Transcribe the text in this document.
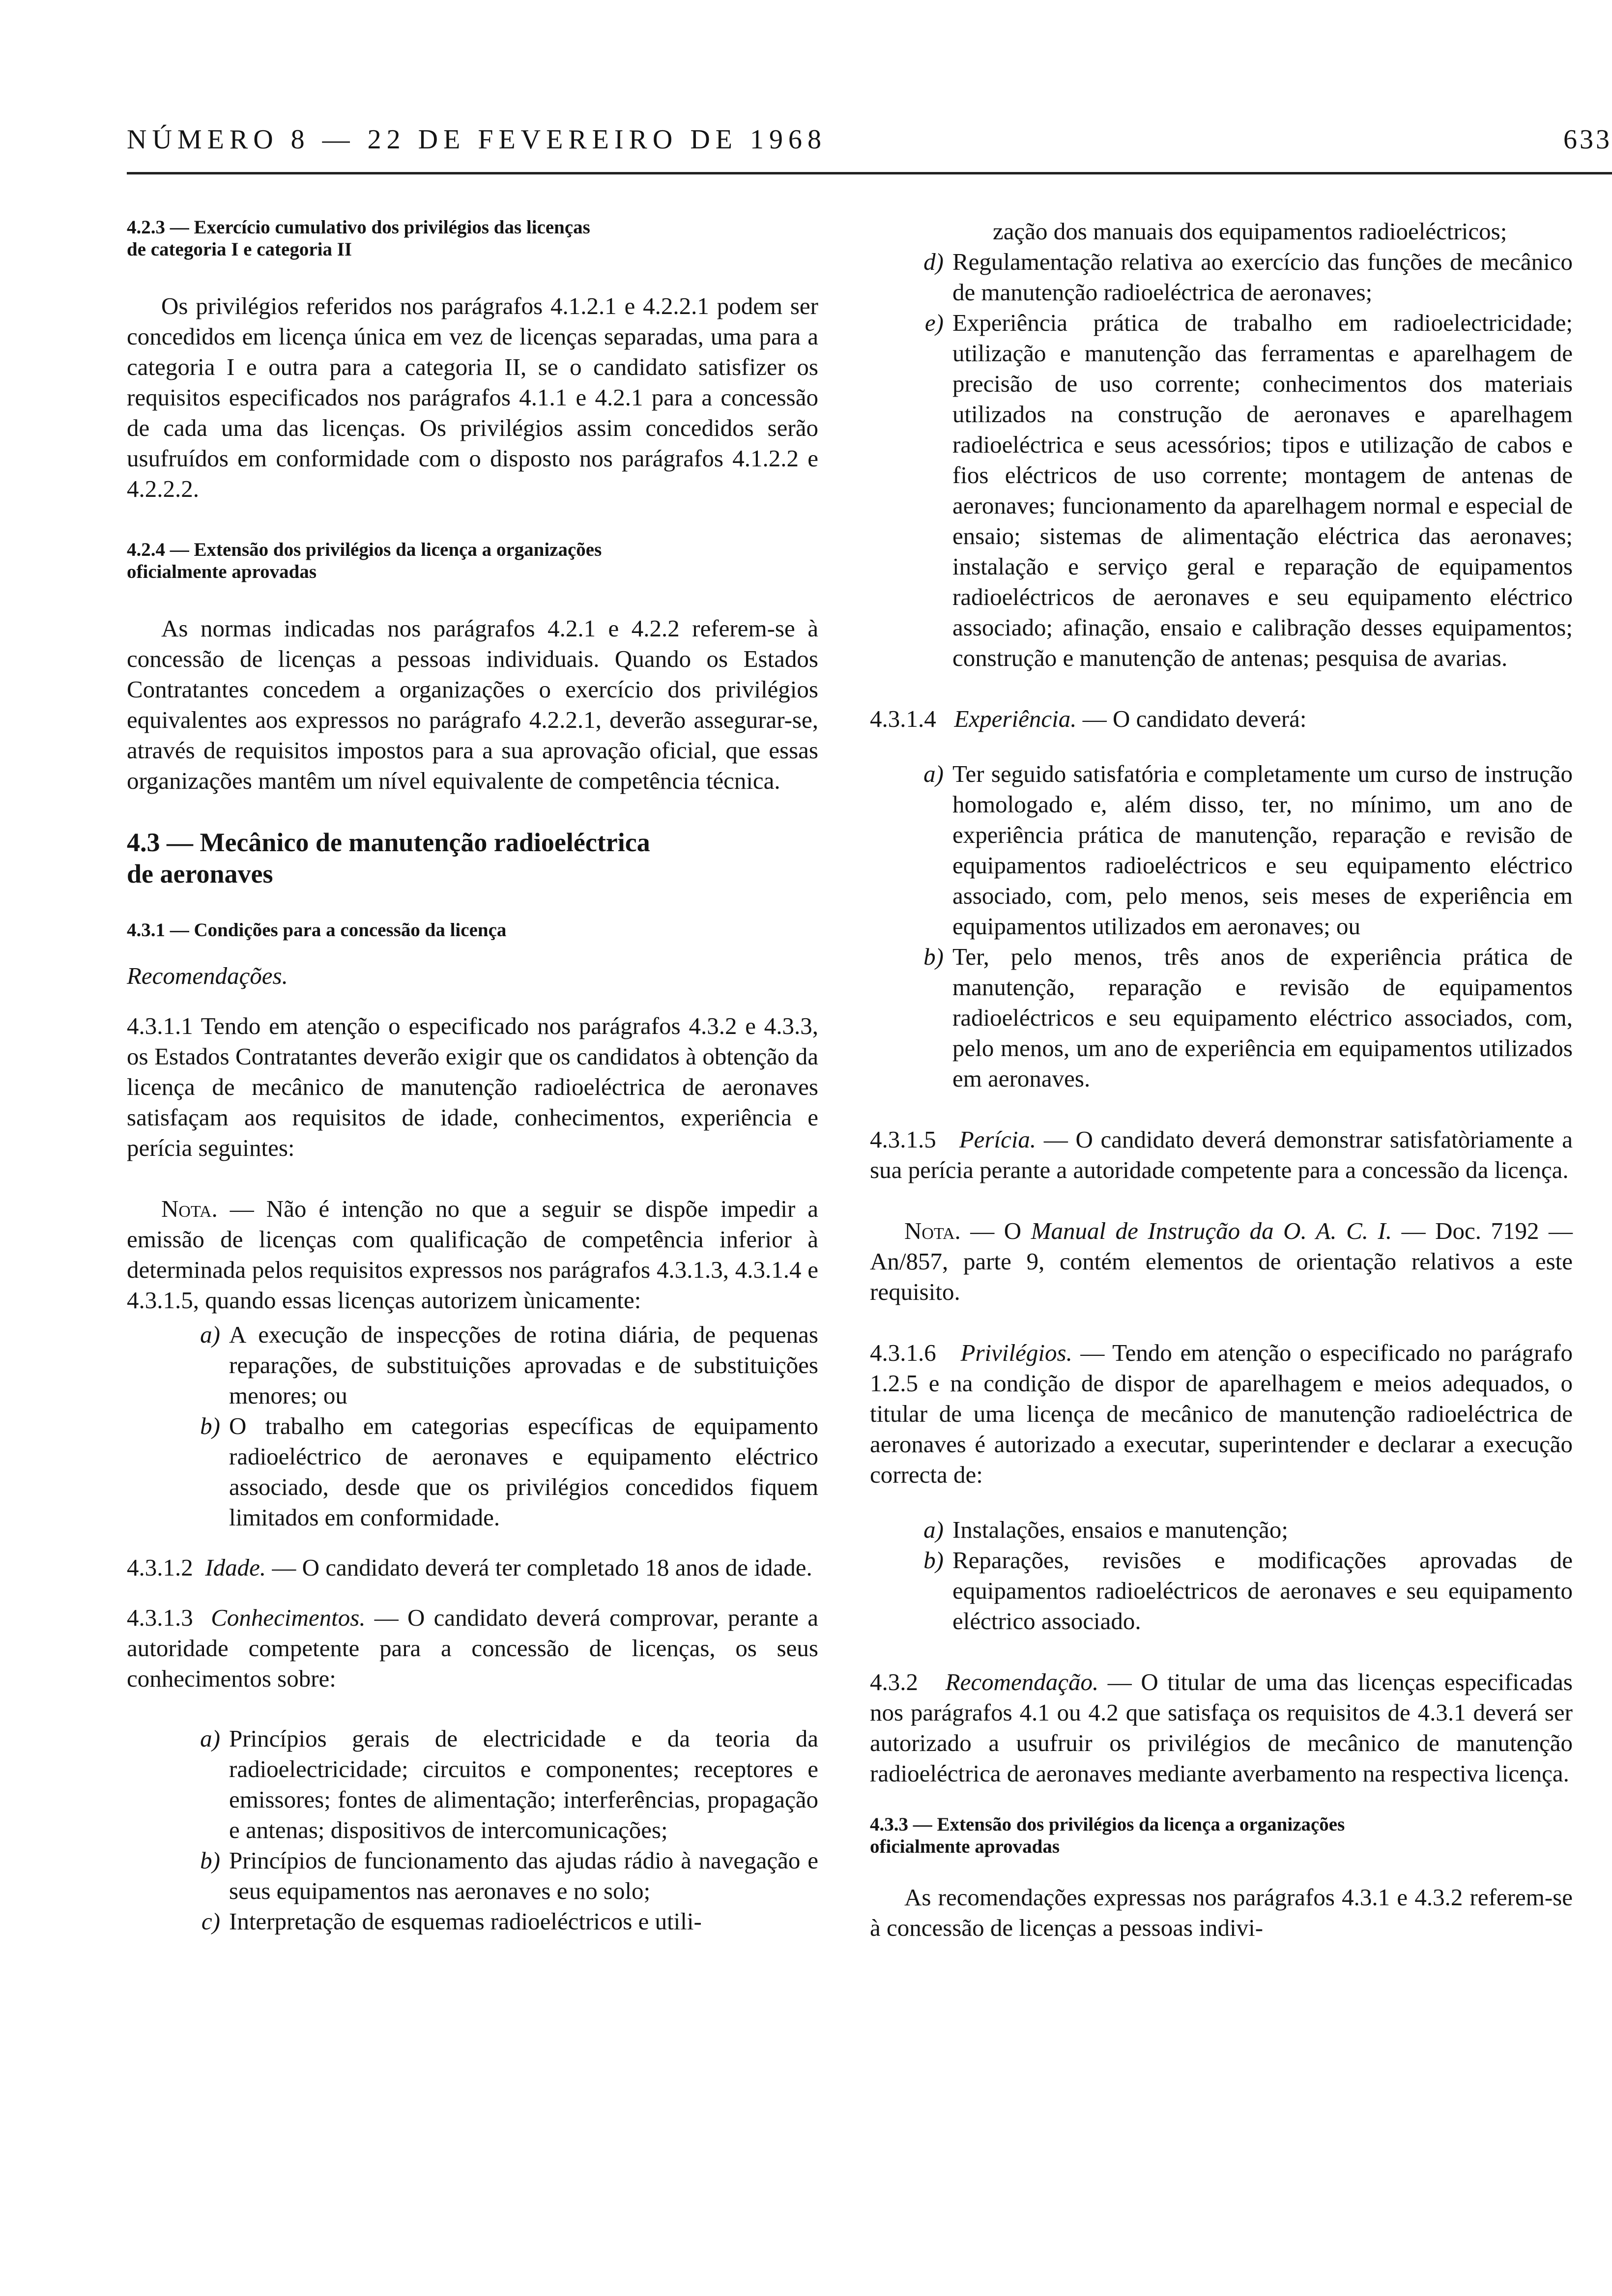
NÚMERO 8 — 22 DE FEVEREIRO DE 1968	633

4.2.3 — Exercício cumulativo dos privilégios das licenças

de categoria I e categoria II

Os privilégios referidos nos parágrafos 4.1.2.1 e 4.2.2.1 podem ser concedidos em licença única em vez de licenças separadas, uma para a categoria I e outra para a categoria II, se o candidato satisfizer os requisitos especificados nos parágrafos 4.1.1 e 4.2.1 para a concessão de cada uma das licenças. Os privilégios assim concedidos serão usufruídos em conformidade com o disposto nos parágrafos 4.1.2.2 e 4.2.2.2.

4.2.4 — Extensão dos privilégios da licença a organizações

oficialmente aprovadas

As normas indicadas nos parágrafos 4.2.1 e 4.2.2 referem-se à concessão de licenças a pessoas individuais. Quando os Estados Contratantes concedem a organizações o exercício dos privilégios equivalentes aos expressos no parágrafo 4.2.2.1, deverão assegurar-se, através de requisitos impostos para a sua aprovação oficial, que essas organizações mantêm um nível equivalente de competência técnica.

4.3 — Mecânico de manutenção radioeléctrica

de aeronaves

4.3.1 — Condições para a concessão da licença

Recomendações.

4.3.1.1 Tendo em atenção o especificado nos parágrafos 4.3.2 e 4.3.3, os Estados Contratantes deverão exigir que os candidatos à obtenção da licença de mecânico de manutenção radioeléctrica de aeronaves satisfaçam aos requisitos de idade, conhecimentos, experiência e perícia seguintes:

Nota. — Não é intenção no que a seguir se dispõe impedir a emissão de licenças com qualificação de competência inferior à determinada pelos requisitos expressos nos parágrafos 4.3.1.3, 4.3.1.4 e 4.3.1.5, quando essas licenças autorizem ùnicamente:

a) A execução de inspecções de rotina diária, de pequenas reparações, de substituições aprovadas e de substituições menores; ou
b) O trabalho em categorias específicas de equipamento radioeléctrico de aeronaves e equipamento eléctrico associado, desde que os privilégios concedidos fiquem limitados em conformidade.

4.3.1.2 Idade. — O candidato deverá ter completado 18 anos de idade.

4.3.1.3 Conhecimentos. — O candidato deverá comprovar, perante a autoridade competente para a concessão de licenças, os seus conhecimentos sobre:

a) Princípios gerais de electricidade e da teoria da radioelectricidade; circuitos e componentes; receptores e emissores; fontes de alimentação; interferências, propagação e antenas; dispositivos de intercomunicações;
b) Princípios de funcionamento das ajudas rádio à navegação e seus equipamentos nas aeronaves e no solo;
c) Interpretação de esquemas radioeléctricos e utili-

zação dos manuais dos equipamentos radioeléctricos;

d) Regulamentação relativa ao exercício das funções de mecânico de manutenção radioeléctrica de aeronaves;
e) Experiência prática de trabalho em radioelectricidade; utilização e manutenção das ferramentas e aparelhagem de precisão de uso corrente; conhecimentos dos materiais utilizados na construção de aeronaves e aparelhagem radioeléctrica e seus acessórios; tipos e utilização de cabos e fios eléctricos de uso corrente; montagem de antenas de aeronaves; funcionamento da aparelhagem normal e especial de ensaio; sistemas de alimentação eléctrica das aeronaves; instalação e serviço geral e reparação de equipamentos radioeléctricos de aeronaves e seu equipamento eléctrico associado; afinação, ensaio e calibração desses equipamentos; construção e manutenção de antenas; pesquisa de avarias.

4.3.1.4 Experiência. — O candidato deverá:

a) Ter seguido satisfatória e completamente um curso de instrução homologado e, além disso, ter, no mínimo, um ano de experiência prática de manutenção, reparação e revisão de equipamentos radioeléctricos e seu equipamento eléctrico associado, com, pelo menos, seis meses de experiência em equipamentos utilizados em aeronaves; ou
b) Ter, pelo menos, três anos de experiência prática de manutenção, reparação e revisão de equipamentos radioeléctricos e seu equipamento eléctrico associados, com, pelo menos, um ano de experiência em equipamentos utilizados em aeronaves.

4.3.1.5 Perícia. — O candidato deverá demonstrar satisfatòriamente a sua perícia perante a autoridade competente para a concessão da licença.

Nota. — O Manual de Instrução da O. A. C. I. — Doc. 7192 — An/857, parte 9, contém elementos de orientação relativos a este requisito.

4.3.1.6 Privilégios. — Tendo em atenção o especificado no parágrafo 1.2.5 e na condição de dispor de aparelhagem e meios adequados, o titular de uma licença de mecânico de manutenção radioeléctrica de aeronaves é autorizado a executar, superintender e declarar a execução correcta de:

a) Instalações, ensaios e manutenção;
b) Reparações, revisões e modificações aprovadas de equipamentos radioeléctricos de aeronaves e seu equipamento eléctrico associado.

4.3.2 Recomendação. — O titular de uma das licenças especificadas nos parágrafos 4.1 ou 4.2 que satisfaça os requisitos de 4.3.1 deverá ser autorizado a usufruir os privilégios de mecânico de manutenção radioeléctrica de aeronaves mediante averbamento na respectiva licença.

4.3.3 — Extensão dos privilégios da licença a organizações

oficialmente aprovadas

As recomendações expressas nos parágrafos 4.3.1 e 4.3.2 referem-se à concessão de licenças a pessoas indivi-
